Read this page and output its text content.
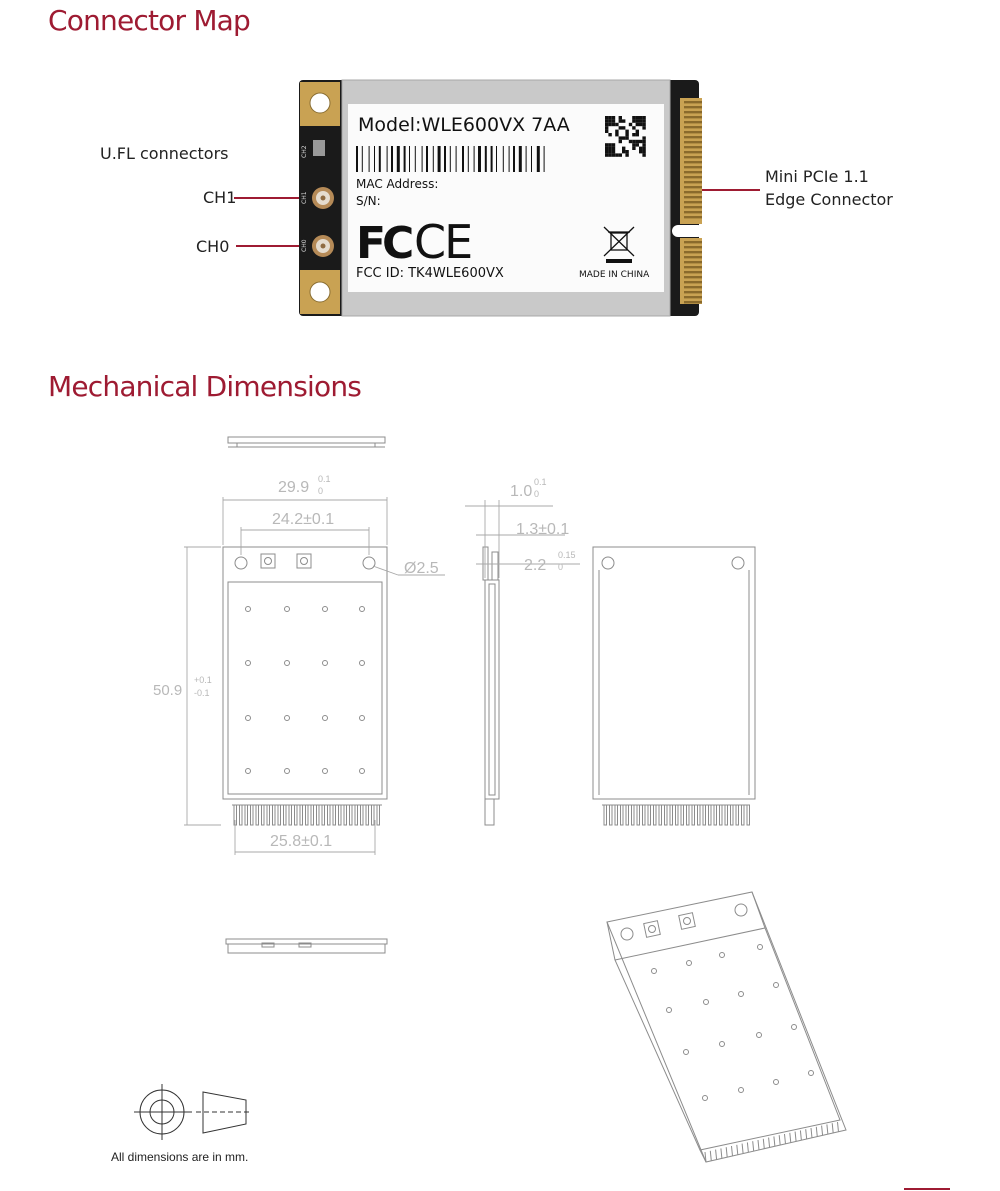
Connector Map
Mechanical Dimensions
U.FL connectors
CH1
CH0
Mini PCIe 1.1
Edge Connector
CH2
CH1
CH0
Model:WLE600VX 7AA
MAC Address:
S/N:
FC CE
FCC ID: TK4WLE600VX	MADE IN CHINA
29.9 0.1
0
24.2±0.1
Ø2.5
50.9
+0.1
-0.1
25.8±0.1
1.0
0.1
0
1.3±0.1
2.2
0.15
0
All dimensions are in mm.
